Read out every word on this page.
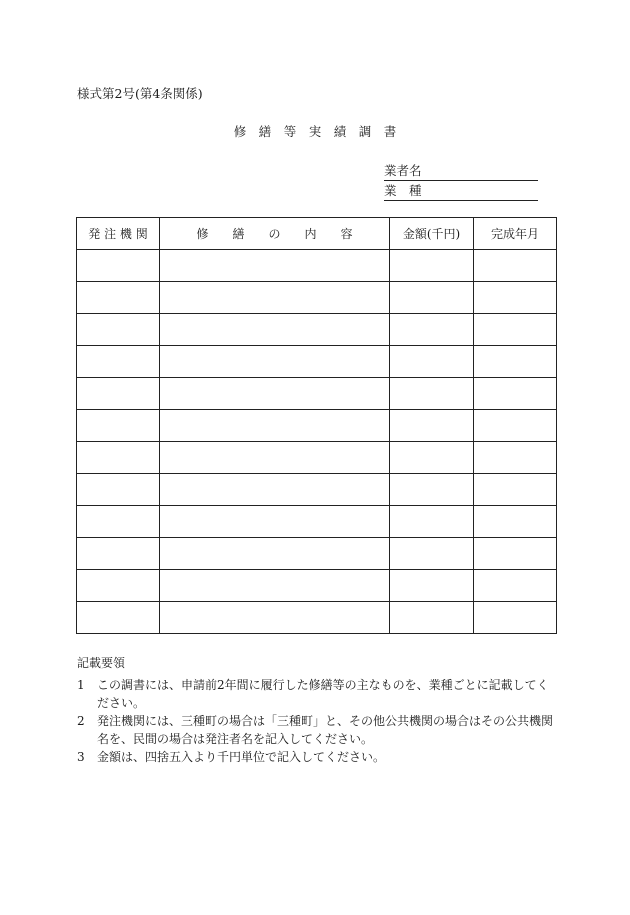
様式第2号(第4条関係)
修　繕　等　実　績　調　書
業者名
業　種
発 注 機 関	修　　繕　　の　　内　　容	金額(千円)	完成年月

記載要領
1	この調書には、申請前2年間に履行した修繕等の主なものを、業種ごとに記載してください。
2	発注機関には、三種町の場合は「三種町」と、その他公共機関の場合はその公共機関名を、民間の場合は発注者名を記入してください。
3	金額は、四捨五入より千円単位で記入してください。
